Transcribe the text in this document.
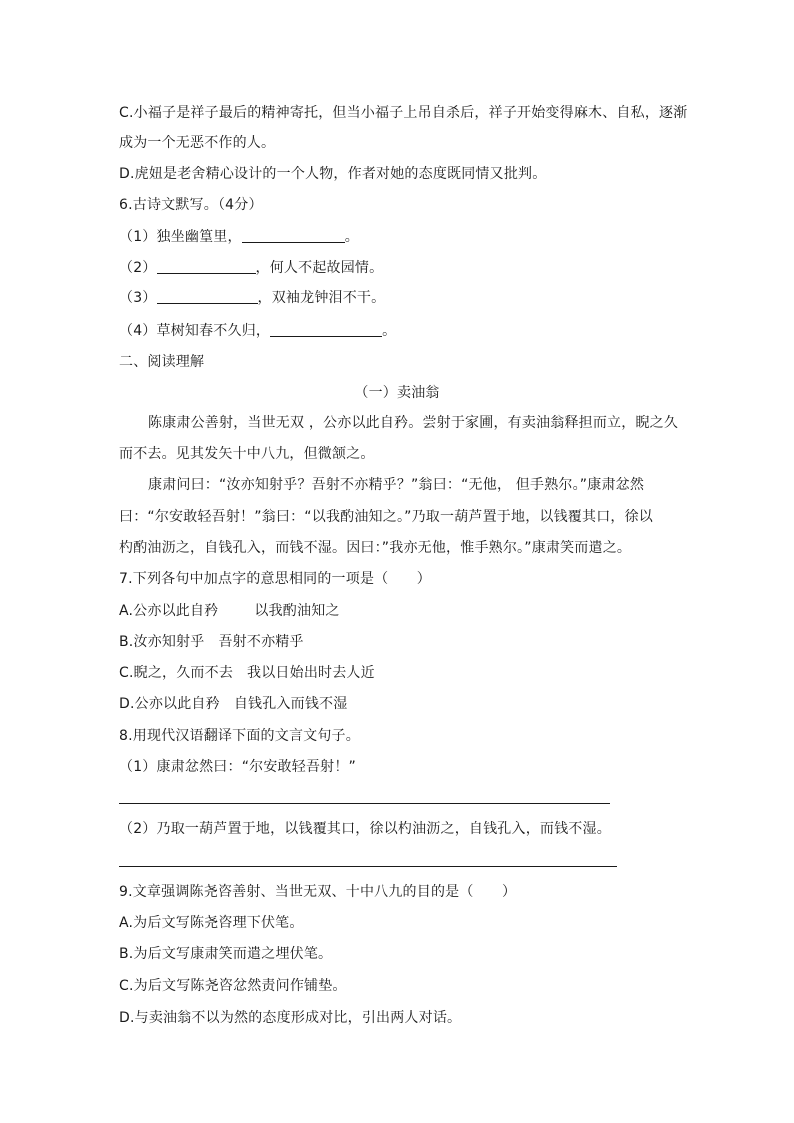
C.小福子是祥子最后的精神寄托，但当小福子上吊自杀后，祥子开始变得麻木、自私，逐渐
成为一个无恶不作的人。
D.虎妞是老舍精心设计的一个人物，作者对她的态度既同情又批判。
6.古诗文默写。（4分）
（1）独坐幽篁里，	。
（2）	，何人不起故园情。
（3）	，双袖龙钟泪不干。
（4）草树知春不久归，	。
二、阅读理解
（一）卖油翁
陈康肃公善射，当世无双 ，公亦以此自矜。尝射于家圃，有卖油翁释担而立，睨之久
而不去。见其发矢十中八九，但微颔之。
康肃问曰：“汝亦知射乎？吾射不亦精乎？”翁曰：“无他， 但手熟尔。”康肃忿然
曰：“尔安敢轻吾射！”翁曰：“以我酌油知之。”乃取一葫芦置于地，以钱覆其口，徐以
杓酌油沥之，自钱孔入，而钱不湿。因曰：”我亦无他，惟手熟尔。”康肃笑而遣之。
7.下列各句中加点字的意思相同的一项是（　　）
A.公亦以此自矜	以我酌油知之
B.汝亦知射乎 吾射不亦精乎
C.睨之，久而不去 我以日始出时去人近
D.公亦以此自矜 自钱孔入而钱不湿
8.用现代汉语翻译下面的文言文句子。
（1）康肃忿然曰：“尔安敢轻吾射！”
（2）乃取一葫芦置于地，以钱覆其口，徐以杓油沥之，自钱孔入，而钱不湿。
9.文章强调陈尧咨善射、当世无双、十中八九的目的是（　　）
A.为后文写陈尧咨理下伏笔。
B.为后文写康肃笑而遣之埋伏笔。
C.为后文写陈尧咨忿然责问作铺垫。
D.与卖油翁不以为然的态度形成对比，引出两人对话。
